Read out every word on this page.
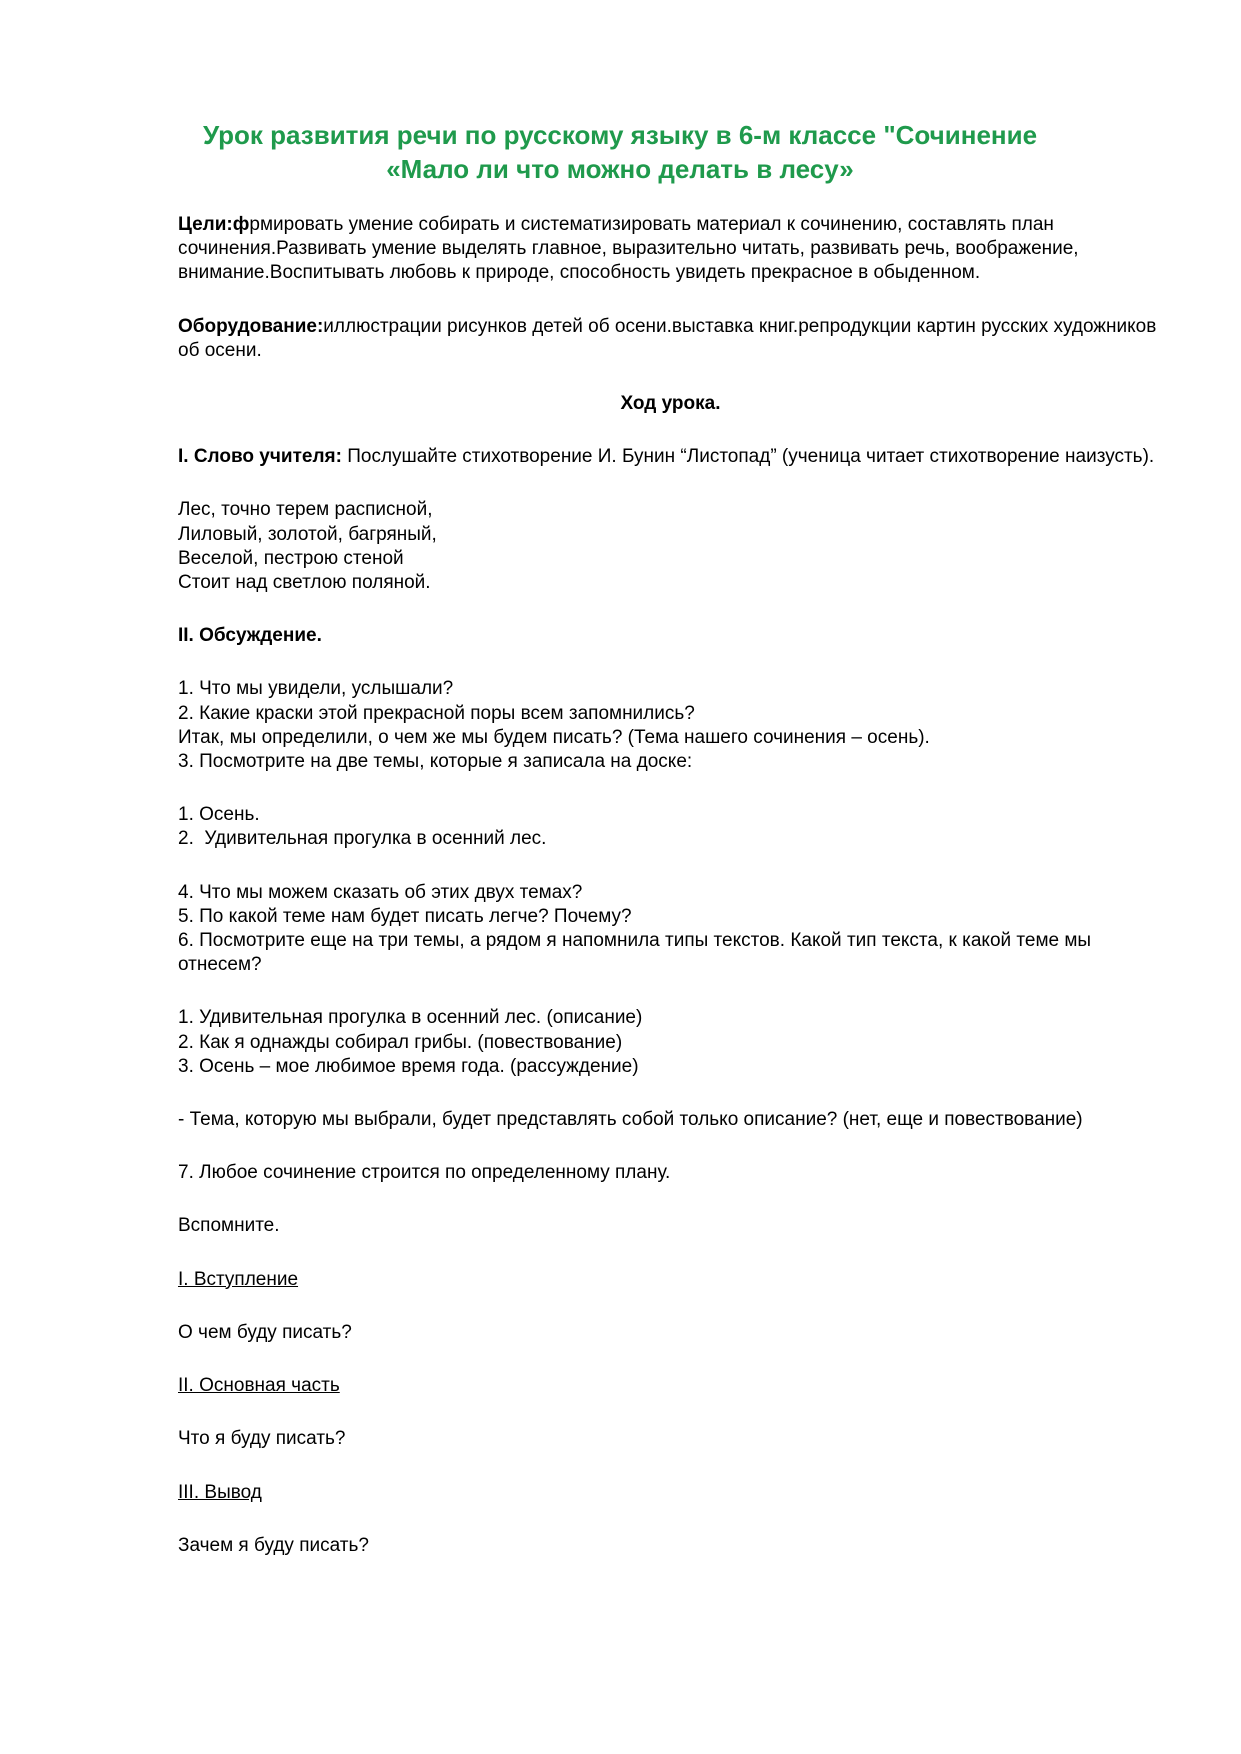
Урок развития речи по русскому языку в 6-м классе "Сочинение
«Мало ли что можно делать в лесу»

Цели:фрмировать умение собирать и систематизировать материал к сочинению, составлять план сочинения.Развивать умение выделять главное, выразительно читать, развивать речь, воображение, внимание.Воспитывать любовь к природе, способность увидеть прекрасное в обыденном.

Оборудование:иллюстрации рисунков детей об осени.выставка книг.репродукции картин русских художников об осени.

Ход урока.

I. Слово учителя: Послушайте стихотворение И. Бунин “Листопад” (ученица читает стихотворение наизусть).

Лес, точно терем расписной,
Лиловый, золотой, багряный,
Веселой, пестрою стеной
Стоит над светлою поляной.

II. Обсуждение.

1. Что мы увидели, услышали?
2. Какие краски этой прекрасной поры всем запомнились?
Итак, мы определили, о чем же мы будем писать? (Тема нашего сочинения – осень).
3. Посмотрите на две темы, которые я записала на доске:

1. Осень.
2.  Удивительная прогулка в осенний лес.

4. Что мы можем сказать об этих двух темах?
5. По какой теме нам будет писать легче? Почему?
6. Посмотрите еще на три темы, а рядом я напомнила типы текстов. Какой тип текста, к какой теме мы отнесем?

1. Удивительная прогулка в осенний лес. (описание)
2. Как я однажды собирал грибы. (повествование)
3. Осень – мое любимое время года. (рассуждение)

- Тема, которую мы выбрали, будет представлять собой только описание? (нет, еще и повествование)

7. Любое сочинение строится по определенному плану.

Вспомните.

I. Вступление

О чем буду писать?

II. Основная часть

Что я буду писать?

III. Вывод

Зачем я буду писать?
